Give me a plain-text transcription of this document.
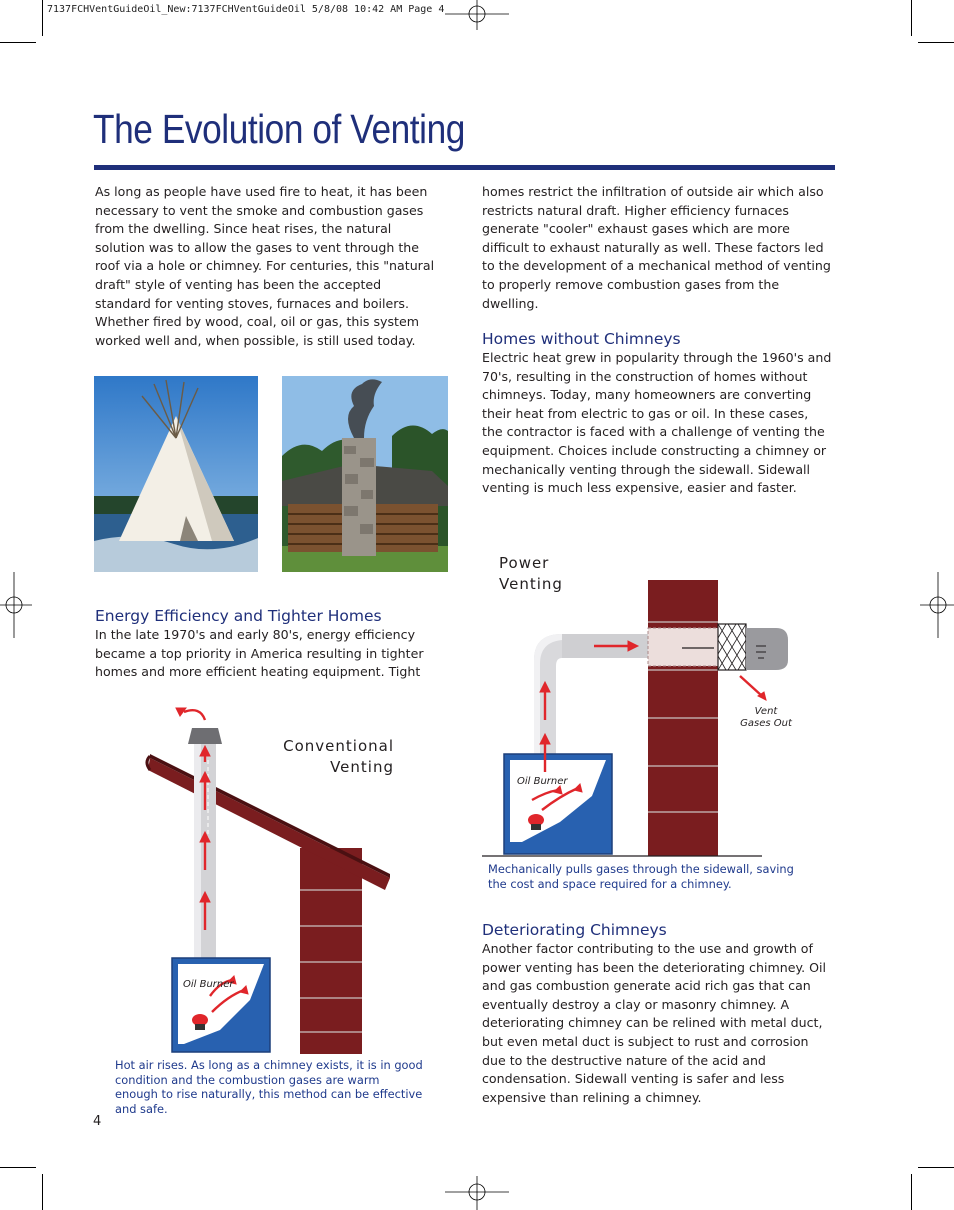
7137FCHVentGuideOil_New:7137FCHVentGuideOil 5/8/08 10:42 AM Page 4
The Evolution of Venting
As long as people have used fire to heat, it has been necessary to vent the smoke and combustion gases from the dwelling. Since heat rises, the natural solution was to allow the gases to vent through the roof via a hole or chimney. For centuries, this "natural draft" style of venting has been the accepted standard for venting stoves, furnaces and boilers. Whether fired by wood, coal, oil or gas, this system worked well and, when possible, is still used today.
Energy Efficiency and Tighter Homes
In the late 1970's and early 80's, energy efficiency became a top priority in America resulting in tighter homes and more efficient heating equipment. Tight
homes restrict the infiltration of outside air which also restricts natural draft. Higher efficiency furnaces generate "cooler" exhaust gases which are more difficult to exhaust naturally as well. These factors led to the development of a mechanical method of venting to properly remove combustion gases from the dwelling.
Homes without Chimneys
Electric heat grew in popularity through the 1960's and 70's, resulting in the construction of homes without chimneys. Today, many homeowners are converting their heat from electric to gas or oil. In these cases, the contractor is faced with a challenge of venting the equipment. Choices include constructing a chimney or mechanically venting through the sidewall. Sidewall venting is much less expensive, easier and faster.
Oil Burner
Conventional
Venting
Hot air rises. As long as a chimney exists, it is in good condition and the combustion gases are warm enough to rise naturally, this method can be effective and safe.
Power
Venting
Oil Burner
Vent
Gases Out
Mechanically pulls gases through the sidewall, saving the cost and space required for a chimney.
Deteriorating Chimneys
Another factor contributing to the use and growth of power venting has been the deteriorating chimney. Oil and gas combustion generate acid rich gas that can eventually destroy a clay or masonry chimney. A deteriorating chimney can be relined with metal duct, but even metal duct is subject to rust and corrosion due to the destructive nature of the acid and condensation. Sidewall venting is safer and less expensive than relining a chimney.
4
